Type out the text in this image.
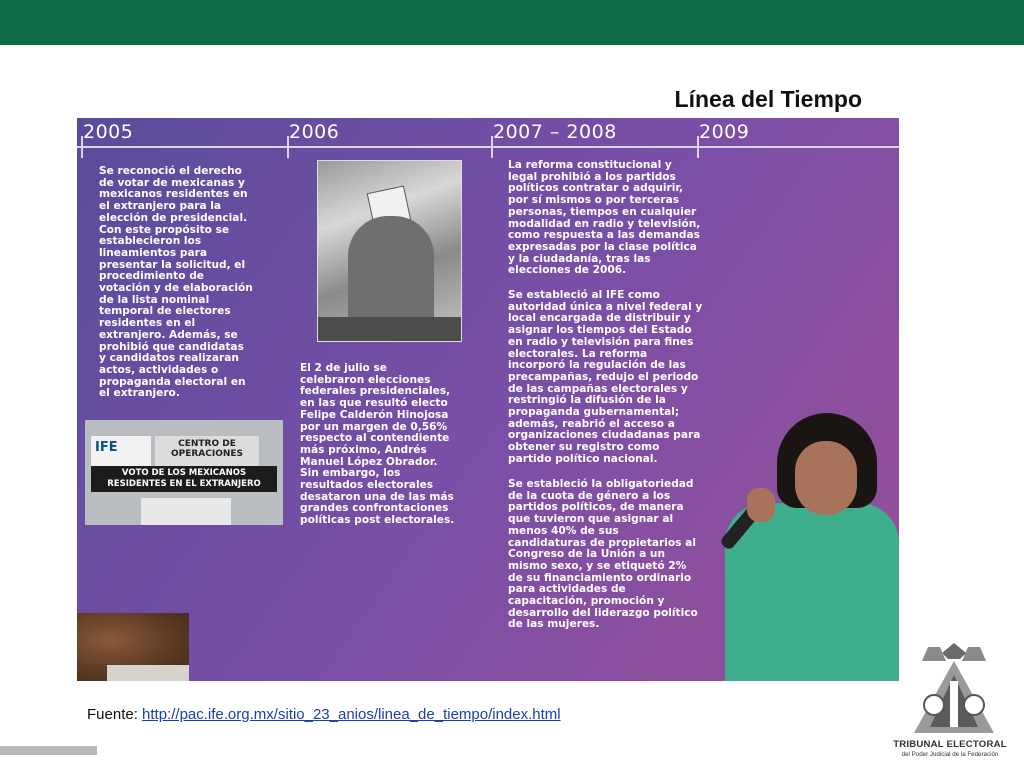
Línea del Tiempo
2005	2006	2007 – 2008	2009
Se reconoció el derecho
de votar de mexicanas y
mexicanos residentes en
el extranjero para la
elección de presidencial.
Con este propósito se
establecieron los
lineamientos para
presentar la solicitud, el
procedimiento de
votación y de elaboración
de la lista nominal
temporal de electores
residentes en el
extranjero. Además, se
prohibió que candidatas
y candidatos realizaran
actos, actividades o
propaganda electoral en
el extranjero.
El 2 de julio se
celebraron elecciones
federales presidenciales,
en las que resultó electo
Felipe Calderón Hinojosa
por un margen de 0,56%
respecto al contendiente
más próximo, Andrés
Manuel López Obrador.
Sin embargo, los
resultados electorales
desataron una de las más
grandes confrontaciones
políticas post electorales.
La reforma constitucional y
legal prohibió a los partidos
políticos contratar o adquirir,
por sí mismos o por terceras
personas, tiempos en cualquier
modalidad en radio y televisión,
como respuesta a las demandas
expresadas por la clase política
y la ciudadanía, tras las
elecciones de 2006.
Se estableció al IFE como
autoridad única a nivel federal y
local encargada de distribuir y
asignar los tiempos del Estado
en radio y televisión para fines
electorales. La reforma
incorporó la regulación de las
precampañas, redujo el periodo
de las campañas electorales y
restringió la difusión de la
propaganda gubernamental;
además, reabrió el acceso a
organizaciones ciudadanas para
obtener su registro como
partido político nacional.
Se estableció la obligatoriedad
de la cuota de género a los
partidos políticos, de manera
que tuvieron que asignar al
menos 40% de sus
candidaturas de propietarios al
Congreso de la Unión a un
mismo sexo, y se etiquetó 2%
de su financiamiento ordinario
para actividades de
capacitación, promoción y
desarrollo del liderazgo político
de las mujeres.
IFE	CENTRO DE OPERACIONES
VOTO DE LOS MEXICANOS RESIDENTES EN EL EXTRANJERO
Fuente: http://pac.ife.org.mx/sitio_23_anios/linea_de_tiempo/index.html
TRIBUNAL ELECTORAL
del Poder Judicial de la Federación
